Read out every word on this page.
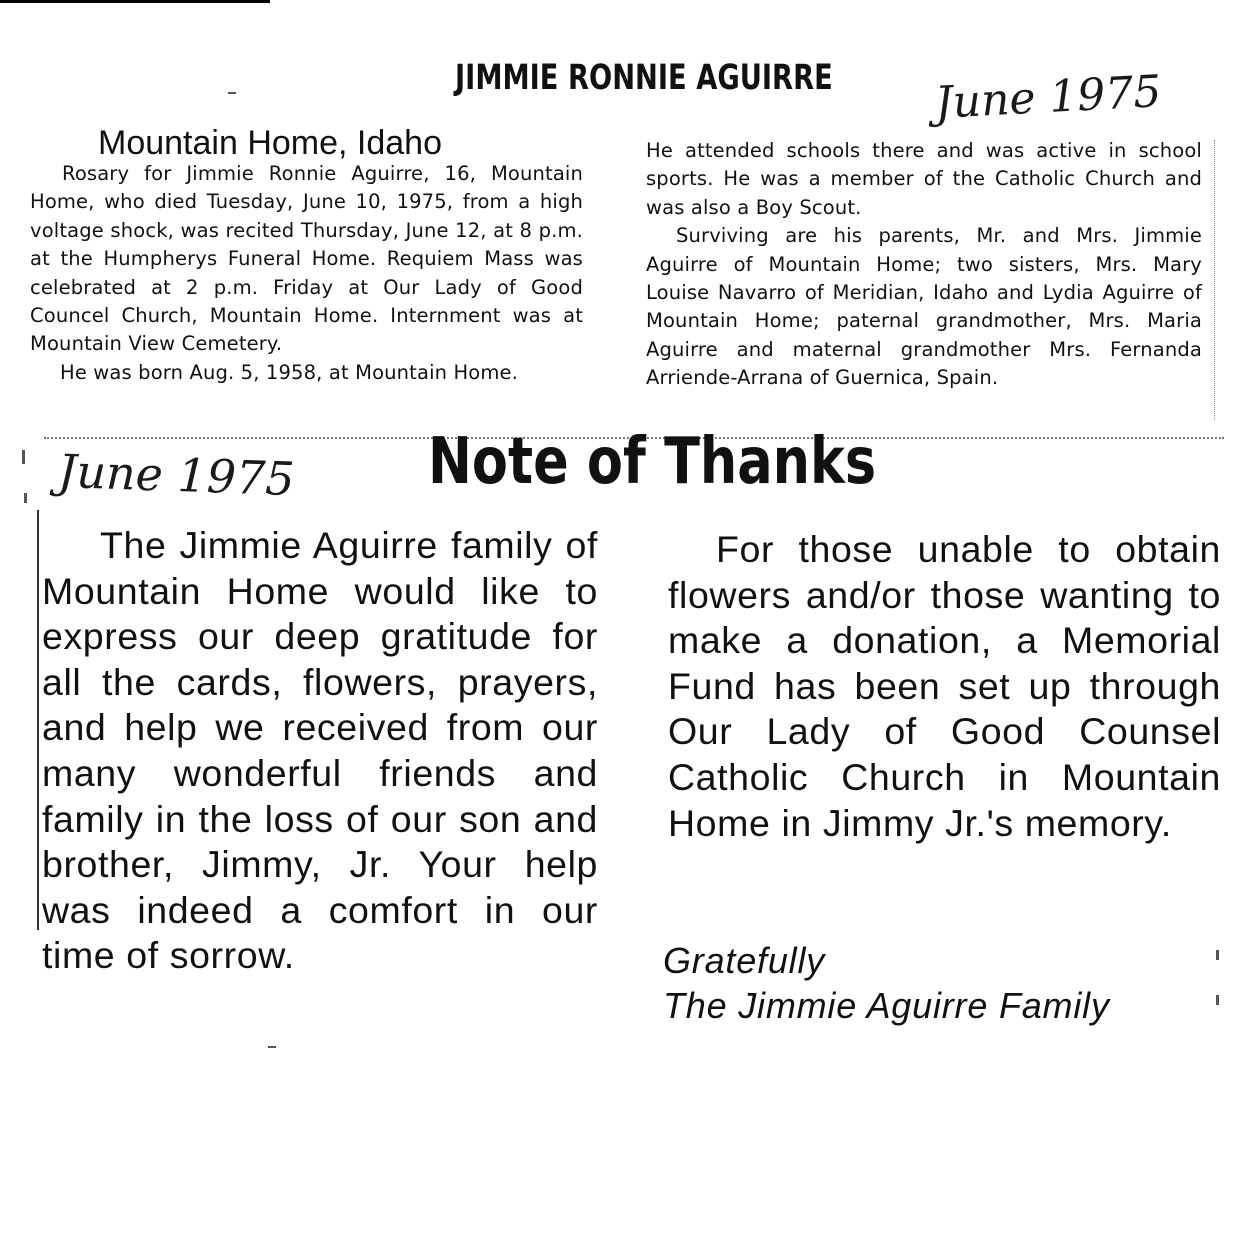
JIMMIE RONNIE AGUIRRE June 1975
Mountain Home, Idaho

Rosary for Jimmie Ronnie Aguirre, 16, Mountain Home, who died Tuesday, June 10, 1975, from a high voltage shock, was recited Thursday, June 12, at 8 p.m. at the Humpherys Funeral Home. Requiem Mass was celebrated at 2 p.m. Friday at Our Lady of Good Councel Church, Mountain Home. Internment was at Mountain View Cemetery.

He was born Aug. 5, 1958, at Mountain Home.

He attended schools there and was active in school sports. He was a member of the Catholic Church and was also a Boy Scout.

Surviving are his parents, Mr. and Mrs. Jimmie Aguirre of Mountain Home; two sisters, Mrs. Mary Louise Navarro of Meridian, Idaho and Lydia Aguirre of Mountain Home; paternal grandmother, Mrs. Maria Aguirre and maternal grandmother Mrs. Fernanda Arriende-Arrana of Guernica, Spain.

June 1975 Note of Thanks

The Jimmie Aguirre family of Mountain Home would like to express our deep gratitude for all the cards, flowers, prayers, and help we received from our many wonderful friends and family in the loss of our son and brother, Jimmy, Jr. Your help was indeed a comfort in our time of sorrow.

For those unable to obtain flowers and/or those wanting to make a donation, a Memorial Fund has been set up through Our Lady of Good Counsel Catholic Church in Mountain Home in Jimmy Jr.'s memory.

Gratefully
The Jimmie Aguirre Family
